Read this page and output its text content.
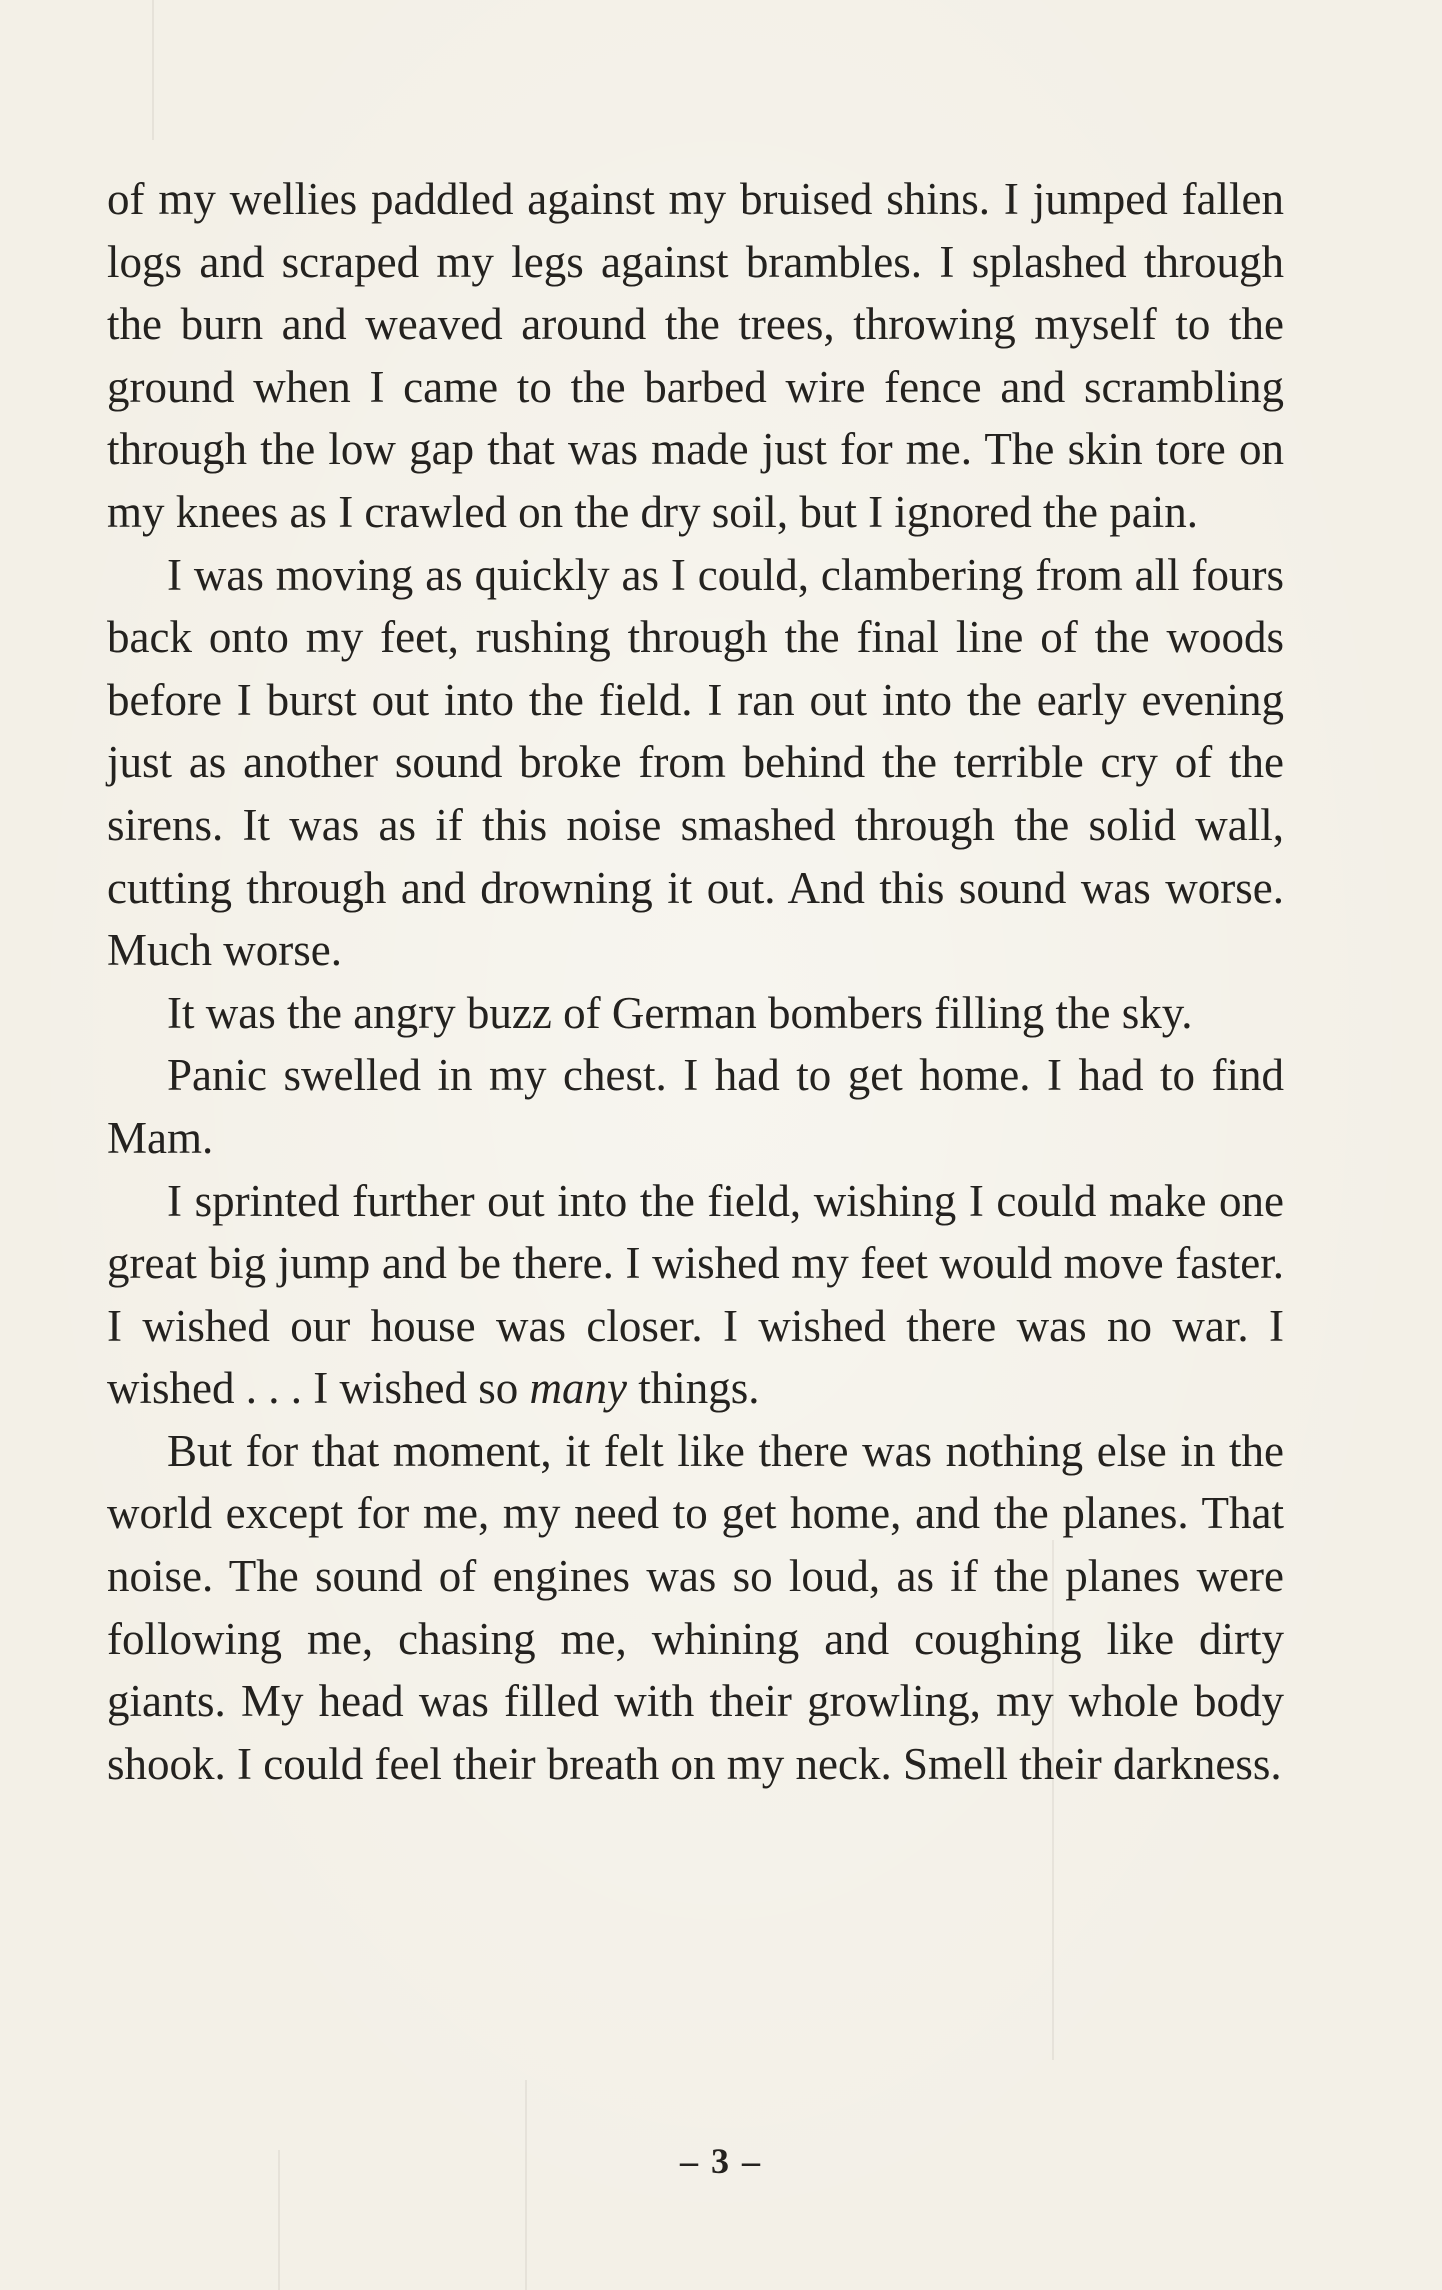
of my wellies paddled against my bruised shins. I jumped fallen logs and scraped my legs against brambles. I splashed through the burn and weaved around the trees, throwing myself to the ground when I came to the barbed wire fence and scrambling through the low gap that was made just for me. The skin tore on my knees as I crawled on the dry soil, but I ignored the pain.

I was moving as quickly as I could, clambering from all fours back onto my feet, rushing through the final line of the woods before I burst out into the field. I ran out into the early evening just as another sound broke from behind the terrible cry of the sirens. It was as if this noise smashed through the solid wall, cutting through and drowning it out. And this sound was worse. Much worse.

It was the angry buzz of German bombers filling the sky.

Panic swelled in my chest. I had to get home. I had to find Mam.

I sprinted further out into the field, wishing I could make one great big jump and be there. I wished my feet would move faster. I wished our house was closer. I wished there was no war. I wished . . . I wished so many things.

But for that moment, it felt like there was nothing else in the world except for me, my need to get home, and the planes. That noise. The sound of engines was so loud, as if the planes were following me, chasing me, whining and coughing like dirty giants. My head was filled with their growling, my whole body shook. I could feel their breath on my neck. Smell their darkness.

– 3 –
